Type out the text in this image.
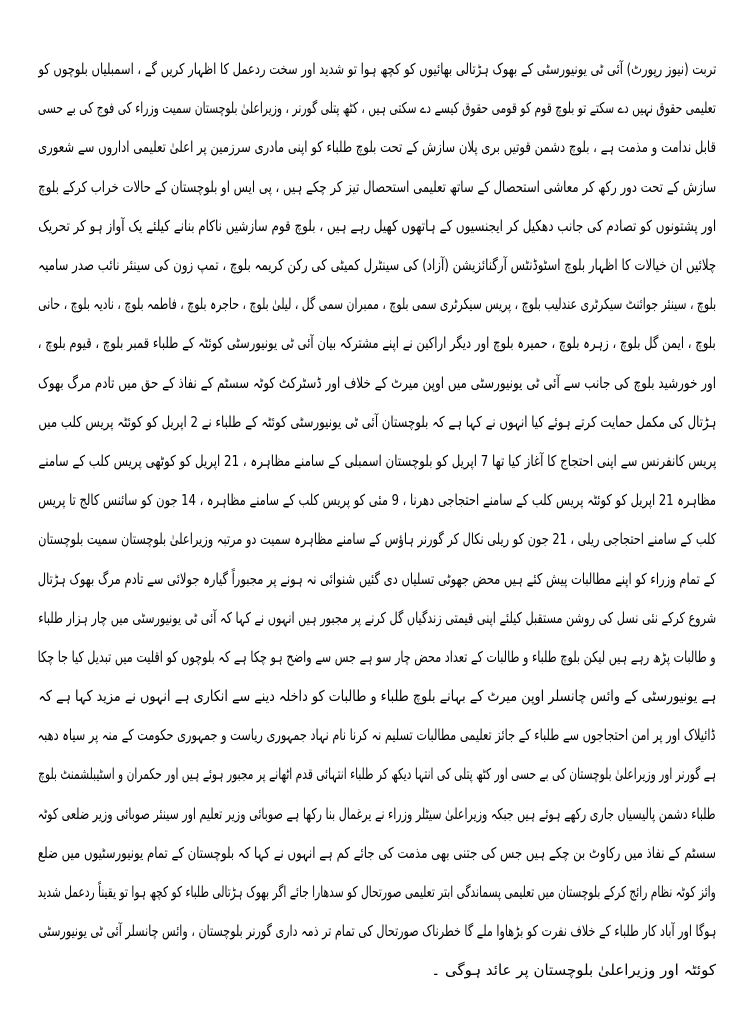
تربت (نیوز رپورٹ) آئی ٹی یونیورسٹی کے بھوک ہڑتالی بھائیوں کو کچھ ہوا تو شدید اور سخت ردعمل کا اظہار کریں گے ، اسمبلیاں بلوچوں کو
تعلیمی حقوق نہیں دے سکتے تو بلوچ قوم کو قومی حقوق کیسے دے سکتی ہیں ، کٹھ پتلی گورنر ، وزیراعلیٰ بلوچستان سمیت وزراء کی فوج کی بے حسی
قابل ندامت و مذمت ہے ، بلوچ دشمن قوتیں بری پلان سازش کے تحت بلوچ طلباء کو اپنی مادری سرزمین پر اعلیٰ تعلیمی اداروں سے شعوری
سازش کے تحت دور رکھ کر معاشی استحصال کے ساتھ تعلیمی استحصال تیز کر چکے ہیں ، پی ایس او بلوچستان کے حالات خراب کرکے بلوچ
اور پشتونوں کو تصادم کی جانب دھکیل کر ایجنسیوں کے ہاتھوں کھیل رہے ہیں ، بلوچ قوم سازشیں ناکام بنانے کیلئے یک آواز ہو کر تحریک
چلائیں ان خیالات کا اظہار بلوچ اسٹوڈنٹس آرگنائزیشن (آزاد) کی سینٹرل کمیٹی کی رکن کریمہ بلوچ ، تمپ زون کی سینئر نائب صدر سامیہ
بلوچ ، سینئر جوائنٹ سیکرٹری عندلیب بلوچ ، پریس سیکرٹری سمی بلوچ ، ممبران سمی گل ، لیلیٰ بلوچ ، حاجرہ بلوچ ، فاطمہ بلوچ ، نادیہ بلوچ ، حانی
بلوچ ، ایمن گل بلوچ ، زہرہ بلوچ ، حمیرہ بلوچ اور دیگر اراکین نے اپنے مشترکہ بیان آئی ٹی یونیورسٹی کوئٹہ کے طلباء قمبر بلوچ ، قیوم بلوچ ،
اور خورشید بلوچ کی جانب سے آئی ٹی یونیورسٹی میں اوپن میرٹ کے خلاف اور ڈسٹرکٹ کوٹہ سسٹم کے نفاذ کے حق میں تادم مرگ بھوک
ہڑتال کی مکمل حمایت کرتے ہوئے کیا انہوں نے کہا ہے کہ بلوچستان آئی ٹی یونیورسٹی کوئٹہ کے طلباء نے 2 اپریل کو کوئٹہ پریس کلب میں
پریس کانفرنس سے اپنی احتجاج کا آغاز کیا تھا 7 اپریل کو بلوچستان اسمبلی کے سامنے مظاہرہ ، 21 اپریل کو کوٹھی پریس کلب کے سامنے
مظاہرہ 21 اپریل کو کوئٹہ پریس کلب کے سامنے احتجاجی دھرنا ، 9 مئی کو پریس کلب کے سامنے مظاہرہ ، 14 جون کو سائنس کالج تا پریس
کلب کے سامنے احتجاجی ریلی ، 21 جون کو ریلی نکال کر گورنر ہاؤس کے سامنے مظاہرہ سمیت دو مرتبہ وزیراعلیٰ بلوچستان سمیت بلوچستان
کے تمام وزراء کو اپنے مطالبات پیش کئے ہیں محض جھوٹی تسلیاں دی گئیں شنوائی نہ ہونے پر مجبوراً گیارہ جولائی سے تادم مرگ بھوک ہڑتال
شروع کرکے نئی نسل کی روشن مستقبل کیلئے اپنی قیمتی زندگیاں گل کرنے پر مجبور ہیں انہوں نے کہا کہ آئی ٹی یونیورسٹی میں چار ہزار طلباء
و طالبات پڑھ رہے ہیں لیکن بلوچ طلباء و طالبات کے تعداد محض چار سو ہے جس سے واضح ہو چکا ہے کہ بلوچوں کو اقلیت میں تبدیل کیا جا چکا
ہے یونیورسٹی کے وائس چانسلر اوپن میرٹ کے بہانے بلوچ طلباء و طالبات کو داخلہ دینے سے انکاری ہے انہوں نے مزید کہا ہے کہ
ڈائیلاک اور پر امن احتجاجوں سے طلباء کے جائز تعلیمی مطالبات تسلیم نہ کرنا نام نہاد جمہوری ریاست و جمہوری حکومت کے منہ پر سیاہ دھبہ
ہے گورنر اور وزیراعلیٰ بلوچستان کی بے حسی اور کٹھ پتلی کی انتہا دیکھ کر طلباء انتہائی قدم اٹھانے پر مجبور ہوئے ہیں اور حکمران و اسٹیبلشمنٹ بلوچ
طلباء دشمن پالیسیاں جاری رکھے ہوئے ہیں جبکہ وزیراعلیٰ سیٹلر وزراء نے یرغمال بنا رکھا ہے صوبائی وزیر تعلیم اور سینئر صوبائی وزیر ضلعی کوٹہ
سسٹم کے نفاذ میں رکاوٹ بن چکے ہیں جس کی جتنی بھی مذمت کی جائے کم ہے انہوں نے کہا کہ بلوچستان کے تمام یونیورسٹیوں میں ضلع
وائز کوٹہ نظام رائج کرکے بلوچستان میں تعلیمی پسماندگی ابتر تعلیمی صورتحال کو سدھارا جائے اگر بھوک ہڑتالی طلباء کو کچھ ہوا تو یقیناً ردعمل شدید
ہوگا اور آباد کار طلباء کے خلاف نفرت کو بڑھاوا ملے گا خطرناک صورتحال کی تمام تر ذمہ داری گورنر بلوچستان ، وائس چانسلر آئی ٹی یونیورسٹی
کوئٹہ اور وزیراعلیٰ بلوچستان پر عائد ہوگی ۔
